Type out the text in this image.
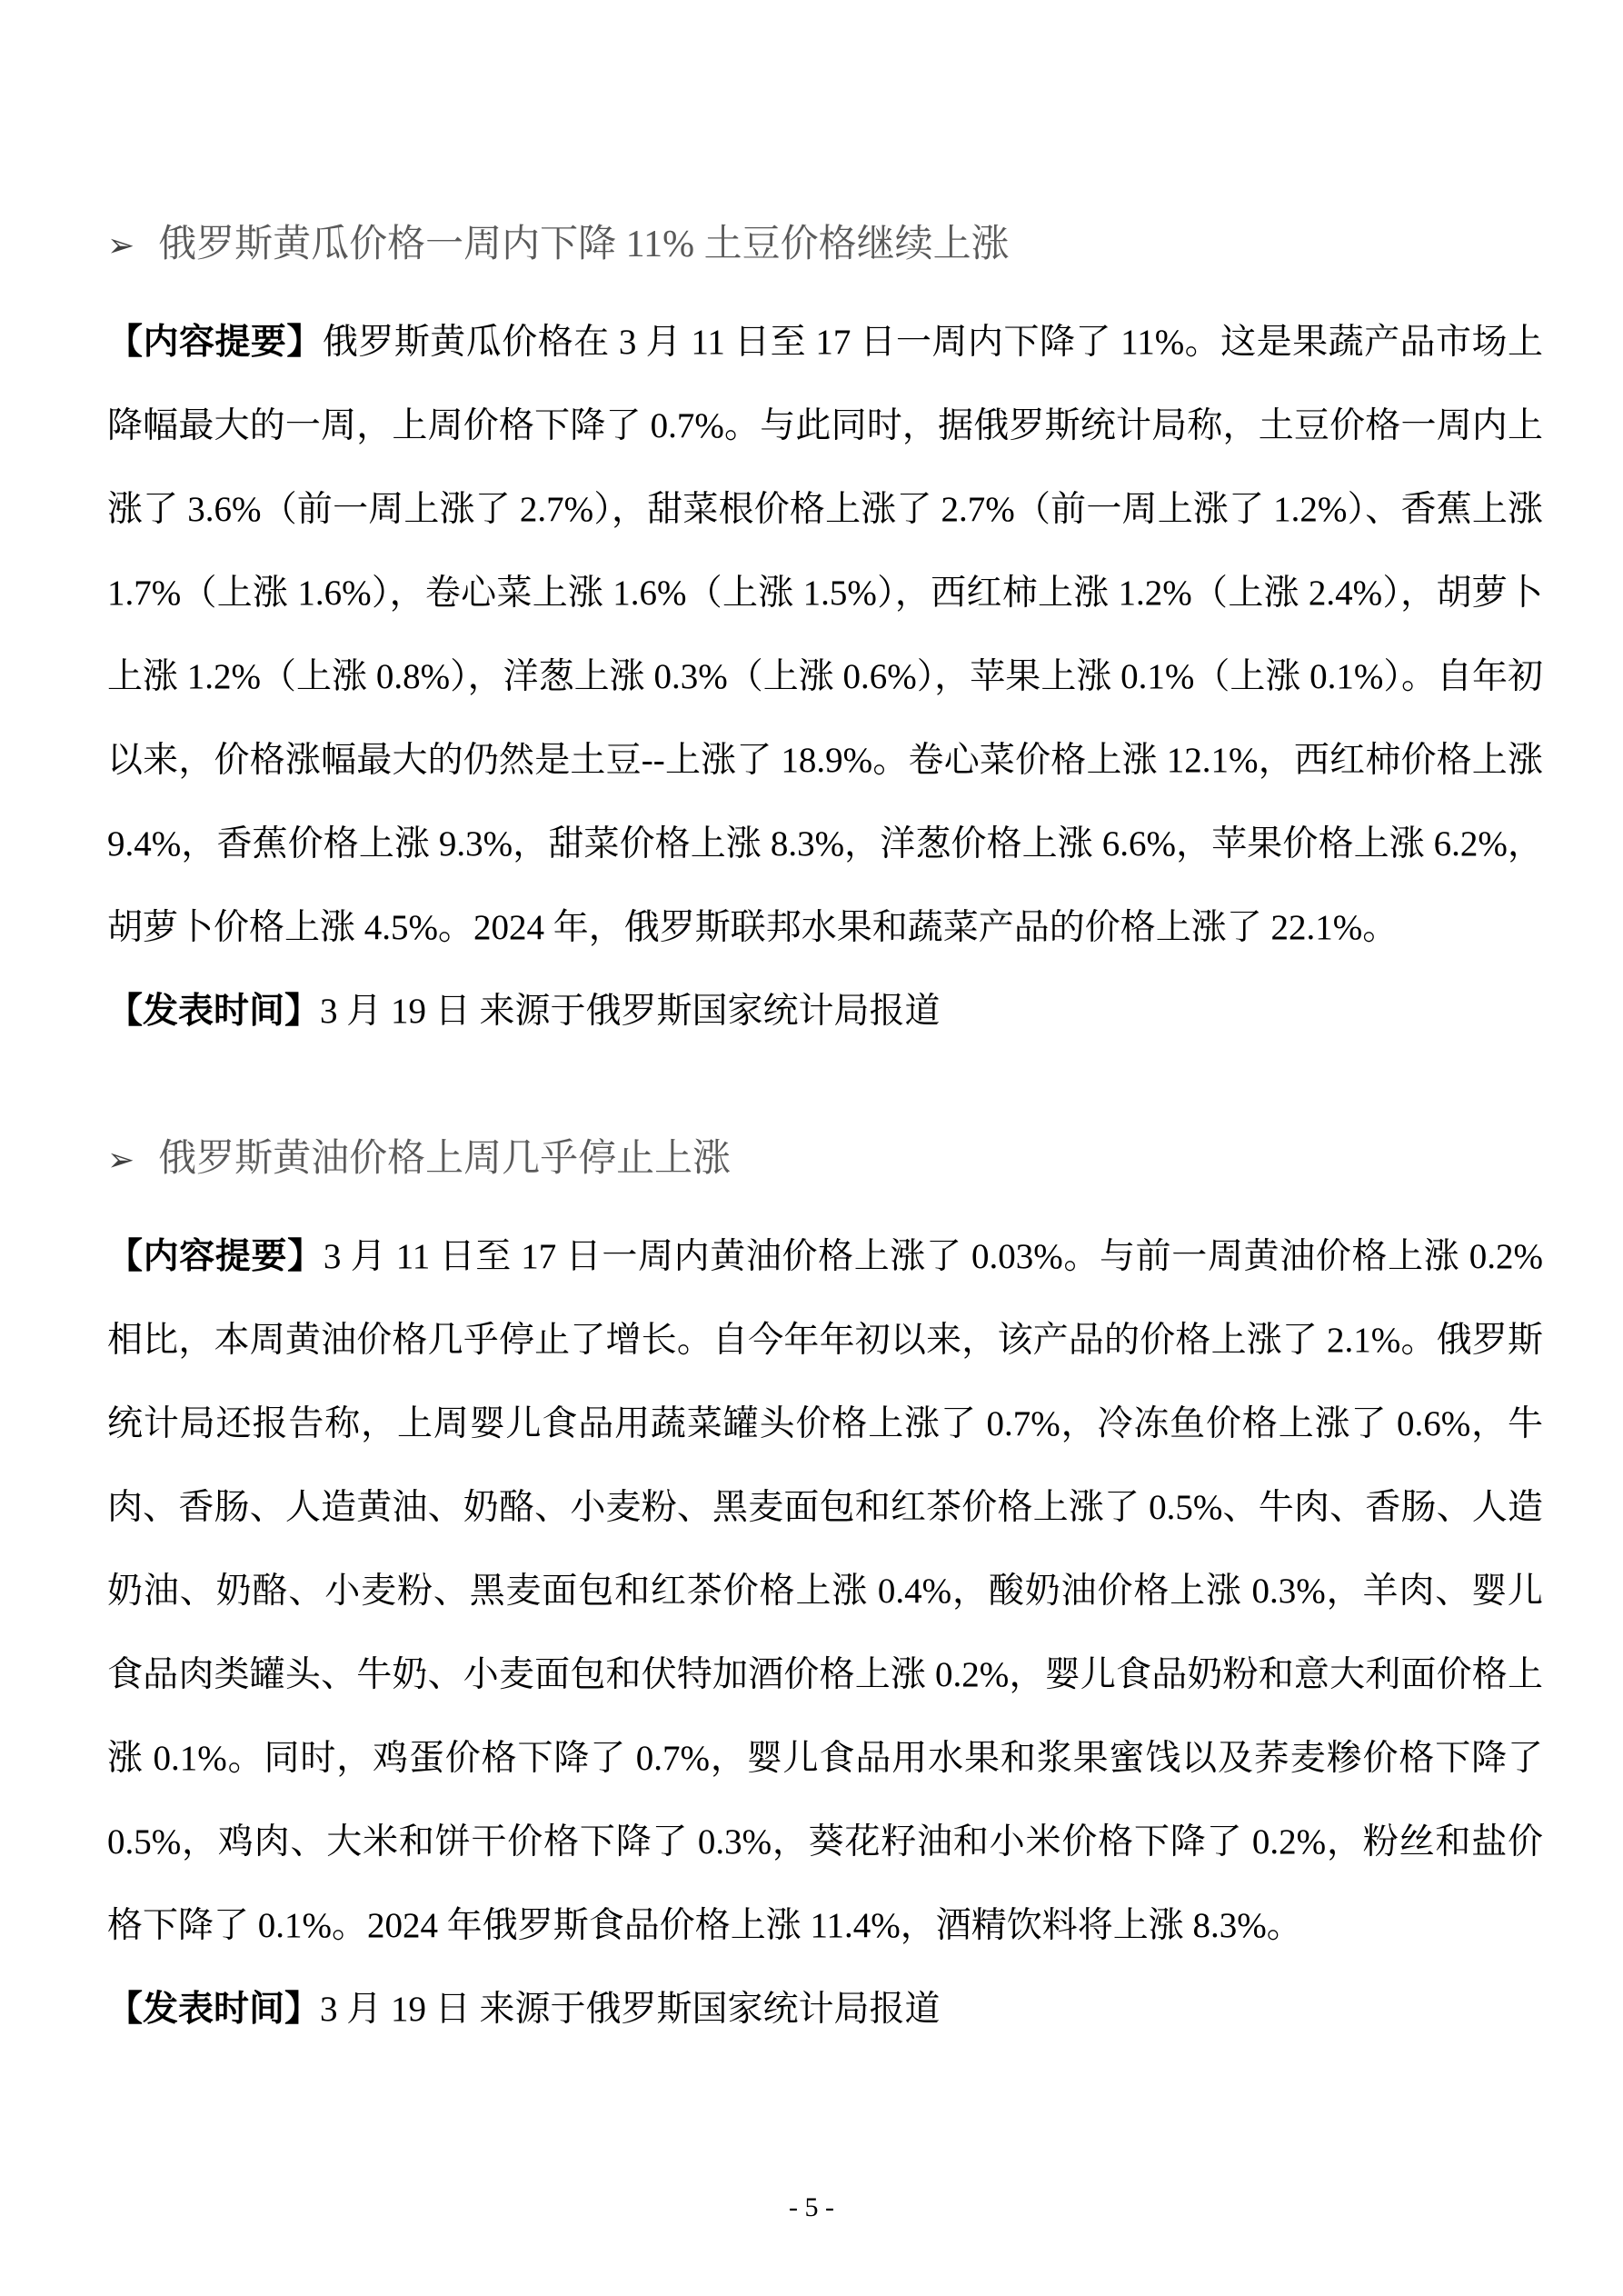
➢ 俄罗斯黄瓜价格一周内下降 11% 土豆价格继续上涨

【内容提要】俄罗斯黄瓜价格在 3 月 11 日至 17 日一周内下降了 11%。这是果蔬产品市场上降幅最大的一周，上周价格下降了 0.7%。与此同时，据俄罗斯统计局称，土豆价格一周内上涨了 3.6%（前一周上涨了 2.7%），甜菜根价格上涨了 2.7%（前一周上涨了 1.2%）、香蕉上涨 1.7%（上涨 1.6%），卷心菜上涨 1.6%（上涨 1.5%），西红柿上涨 1.2%（上涨 2.4%），胡萝卜上涨 1.2%（上涨 0.8%），洋葱上涨 0.3%（上涨 0.6%），苹果上涨 0.1%（上涨 0.1%）。自年初以来，价格涨幅最大的仍然是土豆--上涨了 18.9%。卷心菜价格上涨 12.1%，西红柿价格上涨 9.4%，香蕉价格上涨 9.3%，甜菜价格上涨 8.3%，洋葱价格上涨 6.6%，苹果价格上涨 6.2%，胡萝卜价格上涨 4.5%。2024 年，俄罗斯联邦水果和蔬菜产品的价格上涨了 22.1%。

【发表时间】3 月 19 日 来源于俄罗斯国家统计局报道

➢ 俄罗斯黄油价格上周几乎停止上涨

【内容提要】3 月 11 日至 17 日一周内黄油价格上涨了 0.03%。与前一周黄油价格上涨 0.2%相比，本周黄油价格几乎停止了增长。自今年年初以来，该产品的价格上涨了 2.1%。俄罗斯统计局还报告称，上周婴儿食品用蔬菜罐头价格上涨了 0.7%，冷冻鱼价格上涨了 0.6%，牛肉、香肠、人造黄油、奶酪、小麦粉、黑麦面包和红茶价格上涨了 0.5%、牛肉、香肠、人造奶油、奶酪、小麦粉、黑麦面包和红茶价格上涨 0.4%，酸奶油价格上涨 0.3%，羊肉、婴儿食品肉类罐头、牛奶、小麦面包和伏特加酒价格上涨 0.2%，婴儿食品奶粉和意大利面价格上涨 0.1%。同时，鸡蛋价格下降了 0.7%，婴儿食品用水果和浆果蜜饯以及荞麦糁价格下降了 0.5%，鸡肉、大米和饼干价格下降了 0.3%，葵花籽油和小米价格下降了 0.2%，粉丝和盐价格下降了 0.1%。2024 年俄罗斯食品价格上涨 11.4%，酒精饮料将上涨 8.3%。

【发表时间】3 月 19 日 来源于俄罗斯国家统计局报道

- 5 -
